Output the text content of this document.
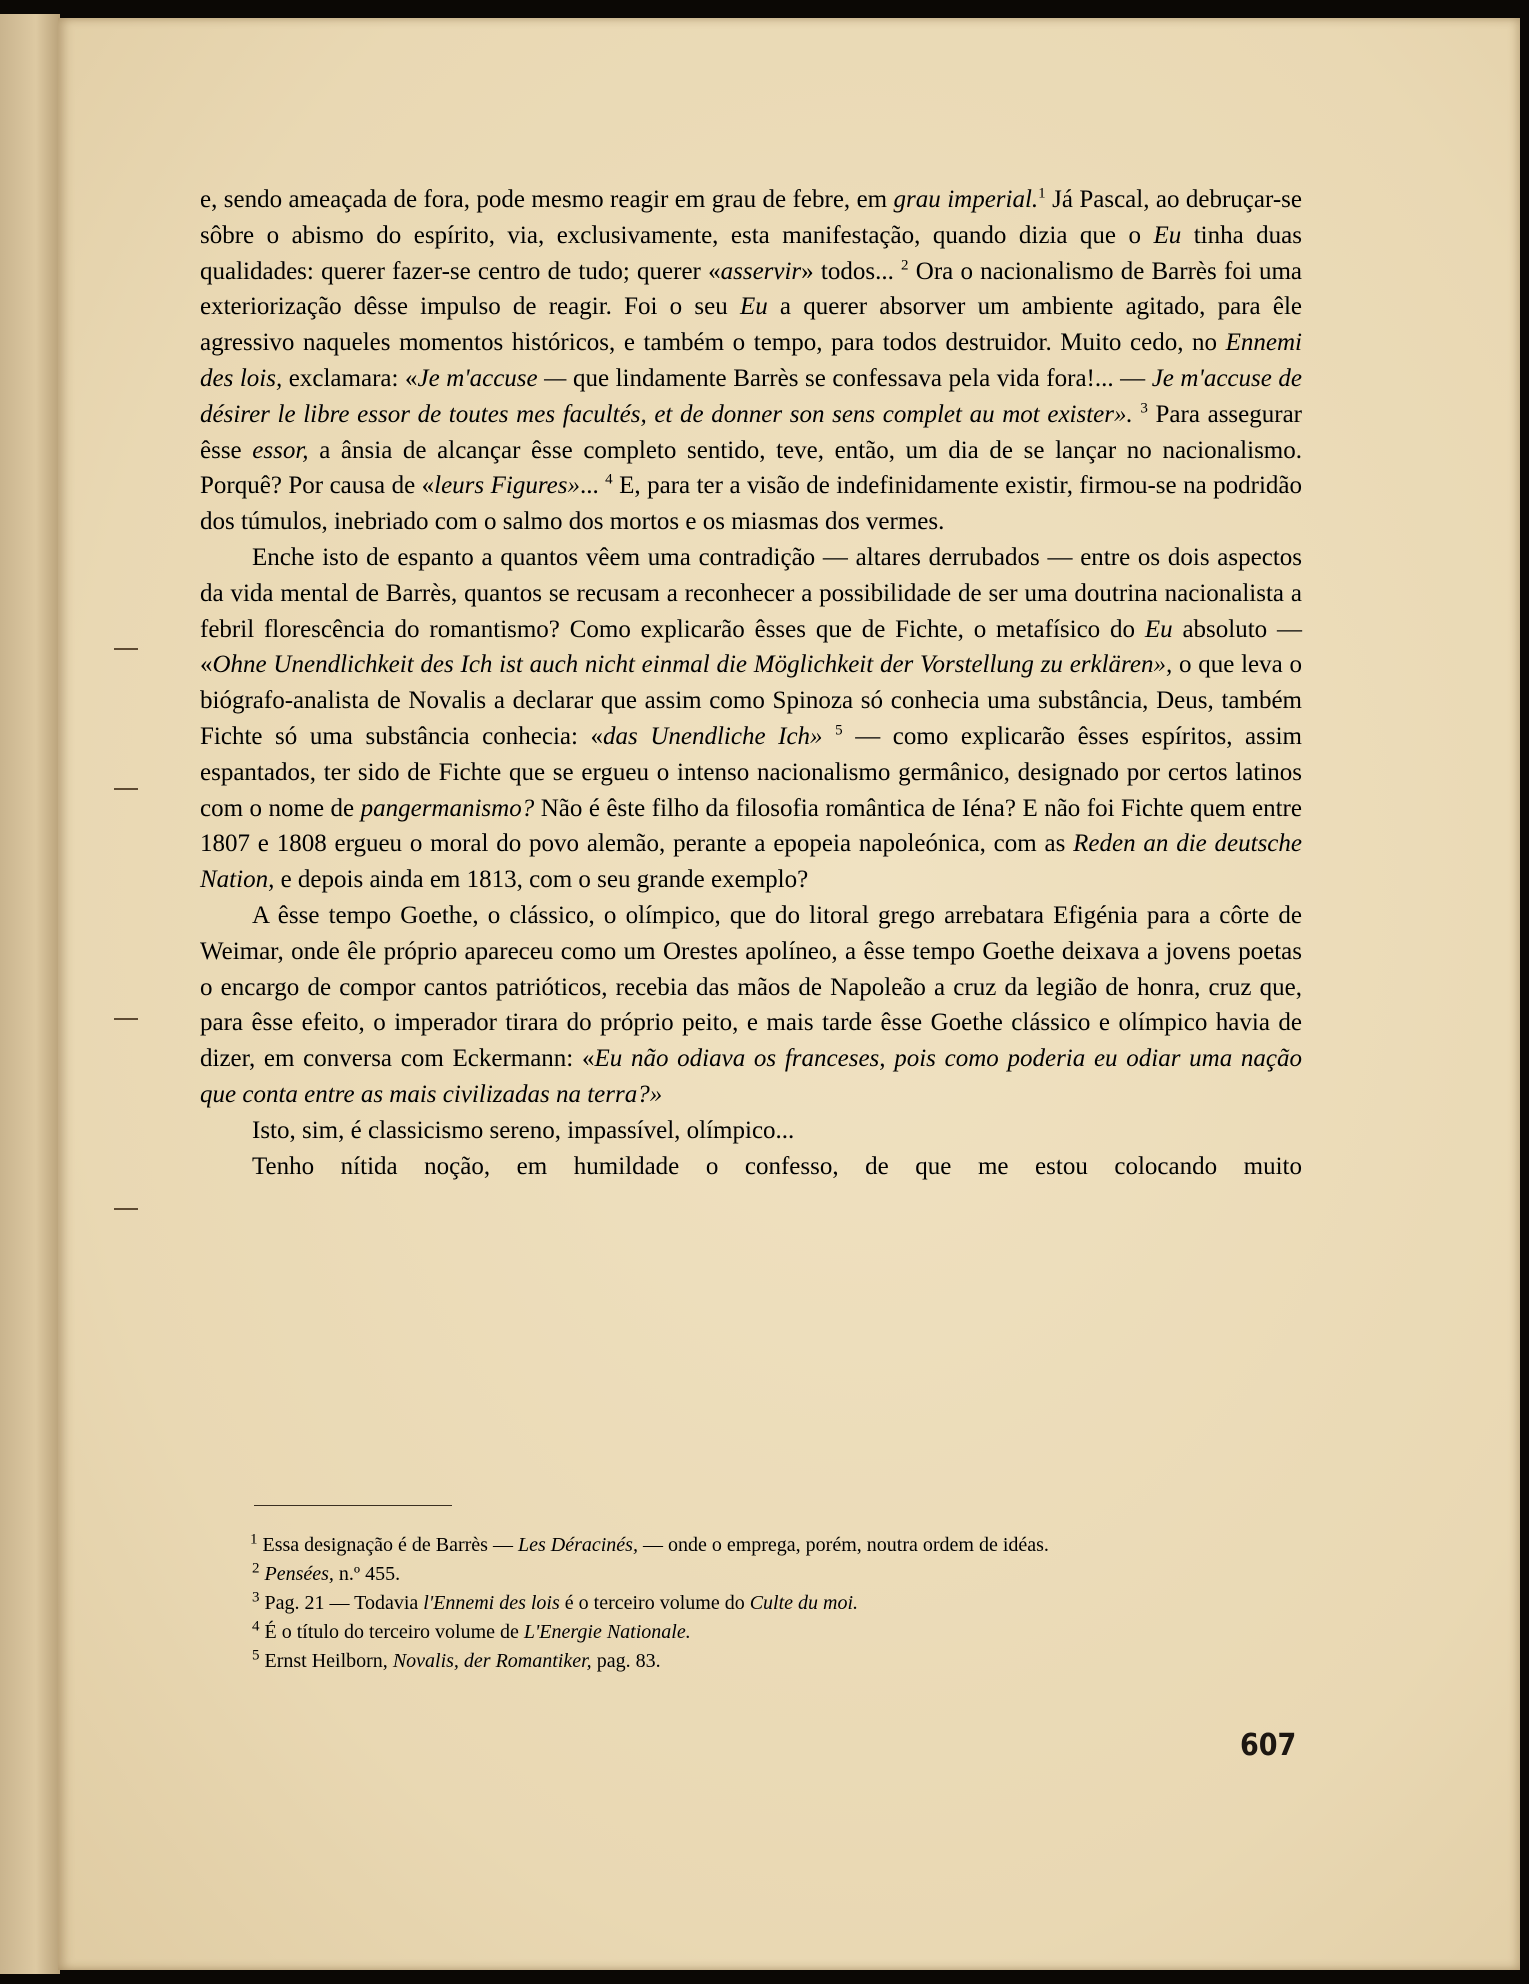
e, sendo ameaçada de fora, pode mesmo reagir em grau de febre, em grau imperial.$^1$ Já Pascal, ao debruçar-se sôbre o abismo do espírito, via, exclusivamente, esta manifestação, quando dizia que o Eu tinha duas qualidades: querer fazer-se centro de tudo; querer «asservir» todos... $^2$ Ora o nacionalismo de Barrès foi uma exteriorização dêsse impulso de reagir. Foi o seu Eu a querer absorver um ambiente agitado, para êle agressivo naqueles momentos históricos, e também o tempo, para todos destruidor. Muito cedo, no Ennemi des lois, exclamara: «Je m'accuse — que lindamente Barrès se confessava pela vida fora!... — Je m'accuse de désirer le libre essor de toutes mes facultés, et de donner son sens complet au mot exister». $^3$ Para assegurar êsse essor, a ânsia de alcançar êsse completo sentido, teve, então, um dia de se lançar no nacionalismo. Porquê? Por causa de «leurs Figures»... $^4$ E, para ter a visão de indefinidamente existir, firmou-se na podridão dos túmulos, inebriado com o salmo dos mortos e os miasmas dos vermes.

Enche isto de espanto a quantos vêem uma contradição — altares derrubados — entre os dois aspectos da vida mental de Barrès, quantos se recusam a reconhecer a possibilidade de ser uma doutrina nacionalista a febril florescência do romantismo? Como explicarão êsses que de Fichte, o metafísico do Eu absoluto — «Ohne Unendlichkeit des Ich ist auch nicht einmal die Möglichkeit der Vorstellung zu erklären», o que leva o biógrafo-analista de Novalis a declarar que assim como Spinoza só conhecia uma substância, Deus, também Fichte só uma substância conhecia: «das Unendliche Ich» $^5$ — como explicarão êsses espíritos, assim espantados, ter sido de Fichte que se ergueu o intenso nacionalismo germânico, designado por certos latinos com o nome de pangermanismo? Não é êste filho da filosofia romântica de Iéna? E não foi Fichte quem entre 1807 e 1808 ergueu o moral do povo alemão, perante a epopeia napoleónica, com as Reden an die deutsche Nation, e depois ainda em 1813, com o seu grande exemplo?

A êsse tempo Goethe, o clássico, o olímpico, que do litoral grego arrebatara Efigénia para a côrte de Weimar, onde êle próprio apareceu como um Orestes apolíneo, a êsse tempo Goethe deixava a jovens poetas o encargo de compor cantos patrióticos, recebia das mãos de Napoleão a cruz da legião de honra, cruz que, para êsse efeito, o imperador tirara do próprio peito, e mais tarde êsse Goethe clássico e olímpico havia de dizer, em conversa com Eckermann: «Eu não odiava os franceses, pois como poderia eu odiar uma nação que conta entre as mais civilizadas na terra?»

Isto, sim, é classicismo sereno, impassível, olímpico...

Tenho nítida noção, em humildade o confesso, de que me estou colocando muito

$^1$ Essa designação é de Barrès — Les Déracinés, — onde o emprega, porém, noutra ordem de idéas.

$^2$ Pensées, n.º 455.

$^3$ Pag. 21 — Todavia l'Ennemi des lois é o terceiro volume do Culte du moi.

$^4$ É o título do terceiro volume de L'Energie Nationale.

$^5$ Ernst Heilborn, Novalis, der Romantiker, pag. 83.

607
